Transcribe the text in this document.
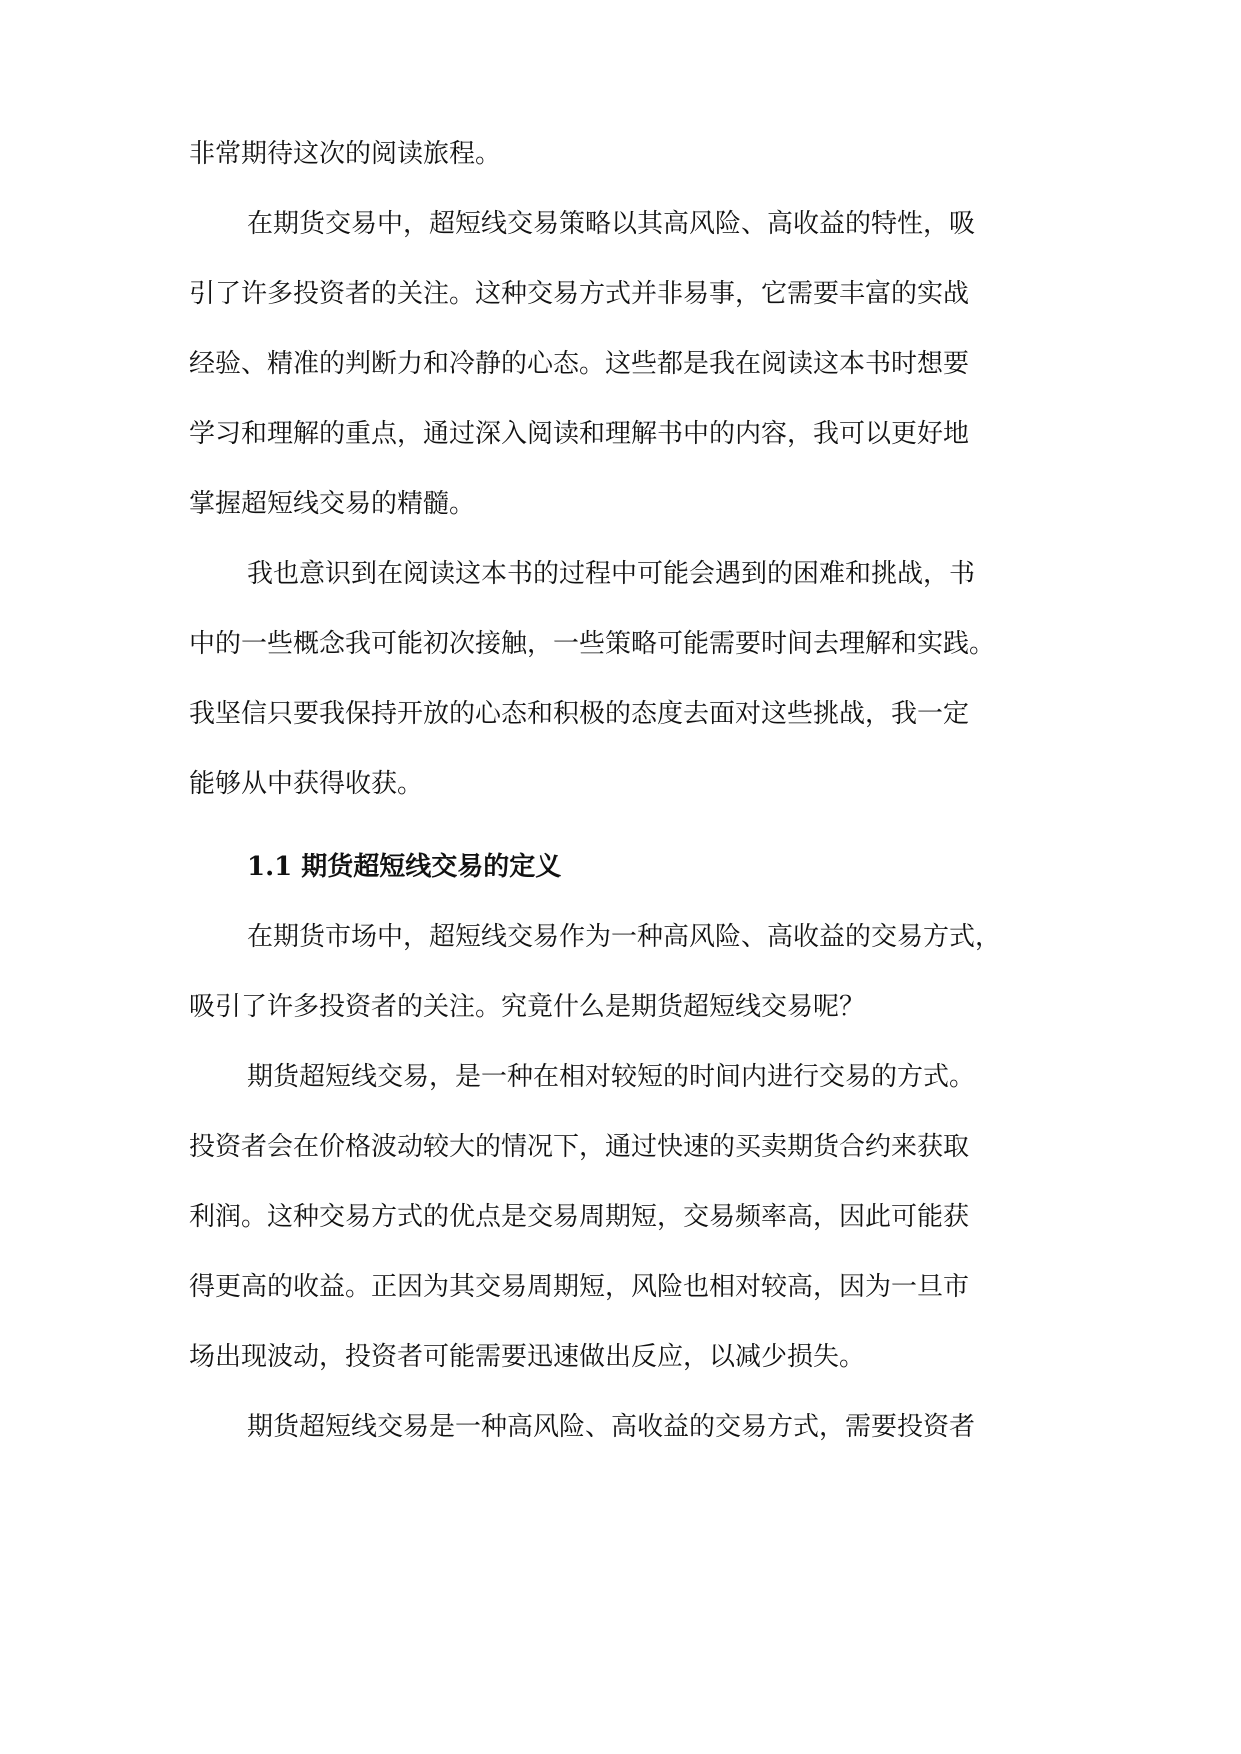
非常期待这次的阅读旅程。
在期货交易中，超短线交易策略以其高风险、高收益的特性，吸
引了许多投资者的关注。这种交易方式并非易事，它需要丰富的实战
经验、精准的判断力和冷静的心态。这些都是我在阅读这本书时想要
学习和理解的重点，通过深入阅读和理解书中的内容，我可以更好地
掌握超短线交易的精髓。
我也意识到在阅读这本书的过程中可能会遇到的困难和挑战，书
中的一些概念我可能初次接触，一些策略可能需要时间去理解和实践。
我坚信只要我保持开放的心态和积极的态度去面对这些挑战，我一定
能够从中获得收获。
1.1 期货超短线交易的定义
在期货市场中，超短线交易作为一种高风险、高收益的交易方式，
吸引了许多投资者的关注。究竟什么是期货超短线交易呢？
期货超短线交易，是一种在相对较短的时间内进行交易的方式。
投资者会在价格波动较大的情况下，通过快速的买卖期货合约来获取
利润。这种交易方式的优点是交易周期短，交易频率高，因此可能获
得更高的收益。正因为其交易周期短，风险也相对较高，因为一旦市
场出现波动，投资者可能需要迅速做出反应，以减少损失。
期货超短线交易是一种高风险、高收益的交易方式，需要投资者
